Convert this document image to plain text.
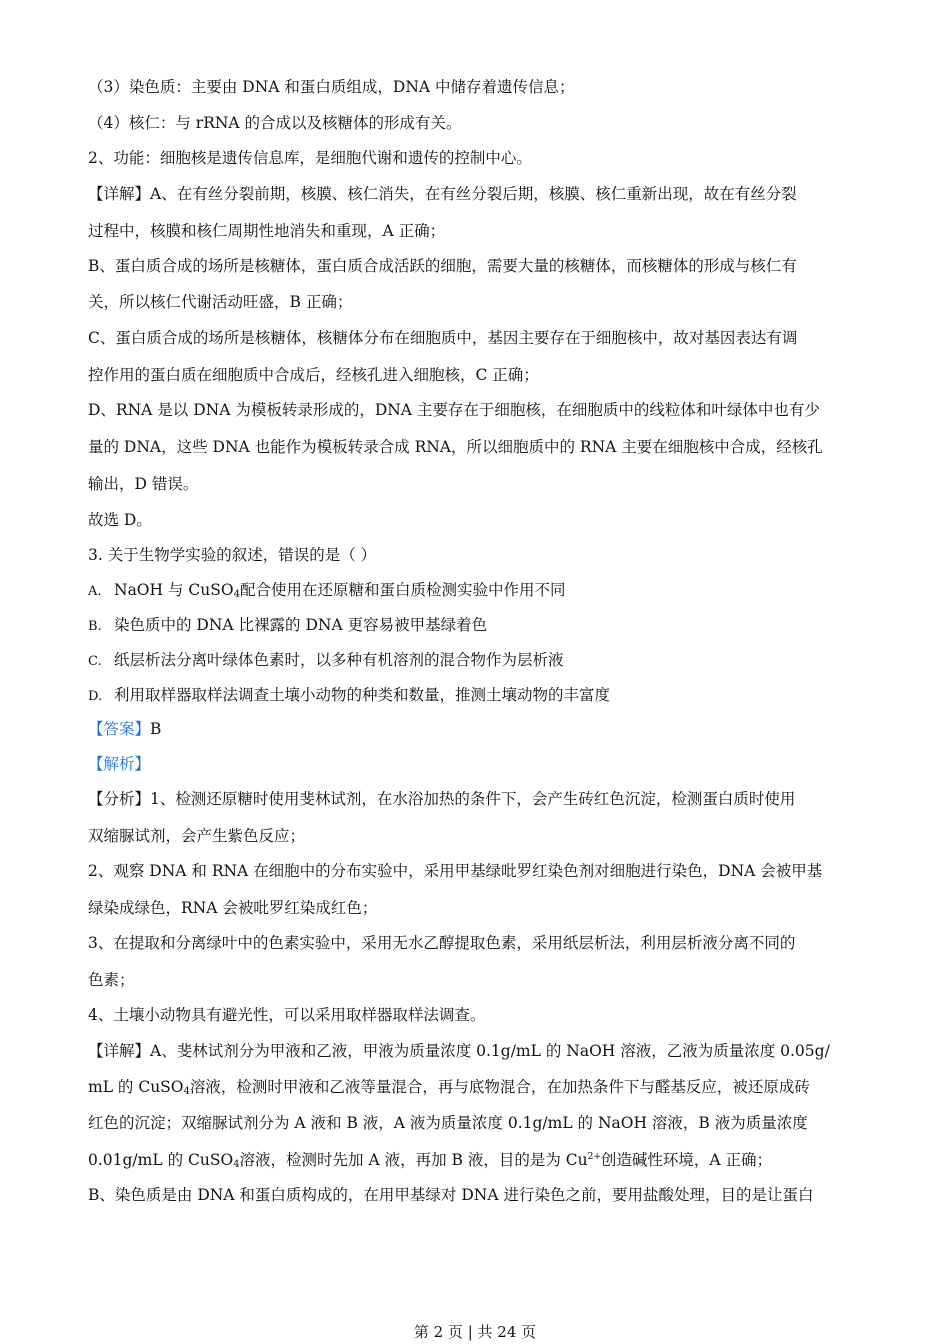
（3）染色质：主要由 DNA 和蛋白质组成，DNA 中储存着遗传信息；
（4）核仁：与 rRNA 的合成以及核糖体的形成有关。
2、功能：细胞核是遗传信息库，是细胞代谢和遗传的控制中心。
【详解】A、在有丝分裂前期，核膜、核仁消失，在有丝分裂后期，核膜、核仁重新出现，故在有丝分裂
过程中，核膜和核仁周期性地消失和重现，A 正确；
B、蛋白质合成的场所是核糖体，蛋白质合成活跃的细胞，需要大量的核糖体，而核糖体的形成与核仁有
关，所以核仁代谢活动旺盛，B 正确；
C、蛋白质合成的场所是核糖体，核糖体分布在细胞质中，基因主要存在于细胞核中，故对基因表达有调
控作用的蛋白质在细胞质中合成后，经核孔进入细胞核，C 正确；
D、RNA 是以 DNA 为模板转录形成的，DNA 主要存在于细胞核，在细胞质中的线粒体和叶绿体中也有少
量的 DNA，这些 DNA 也能作为模板转录合成 RNA，所以细胞质中的 RNA 主要在细胞核中合成，经核孔
输出，D 错误。
故选 D。
3. 关于生物学实验的叙述，错误的是（ ）
A. NaOH 与 CuSO$_4$配合使用在还原糖和蛋白质检测实验中作用不同
B. 染色质中的 DNA 比裸露的 DNA 更容易被甲基绿着色
C. 纸层析法分离叶绿体色素时，以多种有机溶剂的混合物作为层析液
D. 利用取样器取样法调查土壤小动物的种类和数量，推测土壤动物的丰富度
【答案】B
【解析】
【分析】1、检测还原糖时使用斐林试剂，在水浴加热的条件下，会产生砖红色沉淀，检测蛋白质时使用
双缩脲试剂，会产生紫色反应；
2、观察 DNA 和 RNA 在细胞中的分布实验中，采用甲基绿吡罗红染色剂对细胞进行染色，DNA 会被甲基
绿染成绿色，RNA 会被吡罗红染成红色；
3、在提取和分离绿叶中的色素实验中，采用无水乙醇提取色素，采用纸层析法，利用层析液分离不同的
色素；
4、土壤小动物具有避光性，可以采用取样器取样法调查。
【详解】A、斐林试剂分为甲液和乙液，甲液为质量浓度 0.1g/mL 的 NaOH 溶液，乙液为质量浓度 0.05g/
mL 的 CuSO$_4$溶液，检测时甲液和乙液等量混合，再与底物混合，在加热条件下与醛基反应，被还原成砖
红色的沉淀；双缩脲试剂分为 A 液和 B 液，A 液为质量浓度 0.1g/mL 的 NaOH 溶液，B 液为质量浓度
0.01g/mL 的 CuSO$_4$溶液，检测时先加 A 液，再加 B 液，目的是为 $Cu^{2+}$创造碱性环境，A 正确；
B、染色质是由 DNA 和蛋白质构成的，在用甲基绿对 DNA 进行染色之前，要用盐酸处理，目的是让蛋白
第 2 页 | 共 24 页
